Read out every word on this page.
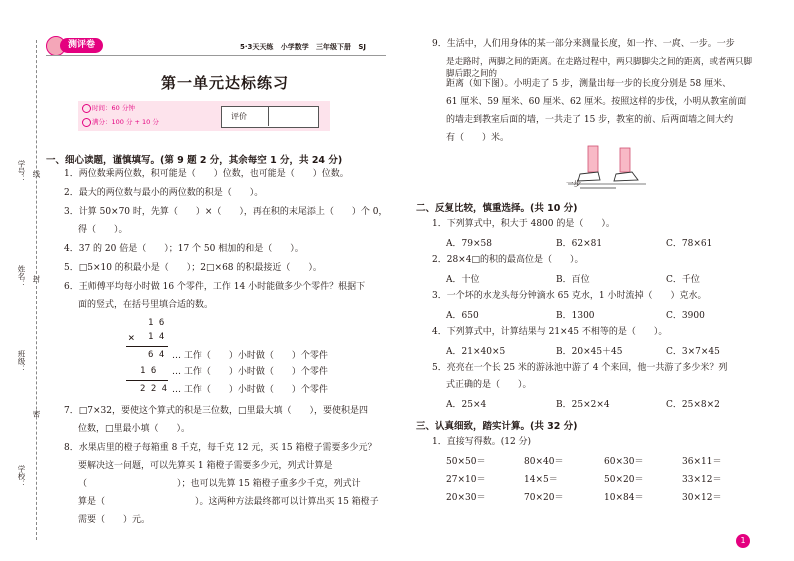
学号： 线
姓名： 封
班级：
密
学校：
测评卷	5·3天天练 小学数学 三年级下册 SJ
第一单元达标练习
时间：60 分钟
满分：100 分 + 10 分
评价
一、细心读题，谨慎填写。(第 9 题 2 分，其余每空 1 分，共 24 分)
1．两位数乘两位数，积可能是（　　）位数，也可能是（　　）位数。
2．最大的两位数与最小的两位数的积是（　　）。
3．计算 50×70 时，先算（　　）×（　　），再在积的末尾添上（　　）个 0，
得（　　）。
4．37 的 20 倍是（　　）；17 个 50 相加的和是（　　）。
5．□5×10 的积最小是（　　）；2□×68 的积最接近（　　）。
6．王师傅平均每小时做 16 个零件，工作 14 小时能做多少个零件？根据下
面的竖式，在括号里填合适的数。
1 6
× 1 4
6 4 … 工作（　　）小时做（　　）个零件
1 6 … 工作（　　）小时做（　　）个零件
2 2 4 … 工作（　　）小时做（　　）个零件
7．□7×32，要使这个算式的积是三位数，□里最大填（　　），要使积是四
位数，□里最小填（　　）。
8．水果店里的橙子每箱重 8 千克，每千克 12 元，买 15 箱橙子需要多少元？
要解决这一问题，可以先算买 1 箱橙子需要多少元，列式计算是
（　　　　　　　　　　）；也可以先算 15 箱橙子重多少千克，列式计
算是（　　　　　　　　　　）。这两种方法最终都可以计算出买 15 箱橙子
需要（　　）元。
9．生活中，人们用身体的某一部分来测量长度，如一拃、一庹、一步。一步
是走路时，两脚之间的距离。在走路过程中，两只脚脚尖之间的距离，或者两只脚脚后跟之间的
距离（如下图）。小明走了 5 步，测量出每一步的长度分别是 58 厘米、
61 厘米、59 厘米、60 厘米、62 厘米。按照这样的步伐，小明从教室前面
的墙走到教室后面的墙，一共走了 15 步，教室的前、后两面墙之间大约
有（　　）米。
一步
二、反复比较，慎重选择。(共 10 分)
1．下列算式中，积大于 4800 的是（　　）。
A．79×58	B．62×81	C．78×61
2．28×4□的积的最高位是（　　）。
A．十位	B．百位	C．千位
3．一个坏的水龙头每分钟滴水 65 克水，1 小时流掉（　　）克水。
A．650	B．1300	C．3900
4．下列算式中，计算结果与 21×45 不相等的是（　　）。
A．21×40×5	B．20×45＋45	C．3×7×45
5．亮亮在一个长 25 米的游泳池中游了 4 个来回，他一共游了多少米？列
式正确的是（　　）。
A．25×4	B．25×2×4	C．25×8×2
三、认真细致，踏实计算。(共 32 分)
1．直接写得数。(12 分)
50×50＝	80×40＝	60×30＝	36×11＝
27×10＝	14×5＝	50×20＝	33×12＝
20×30＝	70×20＝	10×84＝	30×12＝
1
